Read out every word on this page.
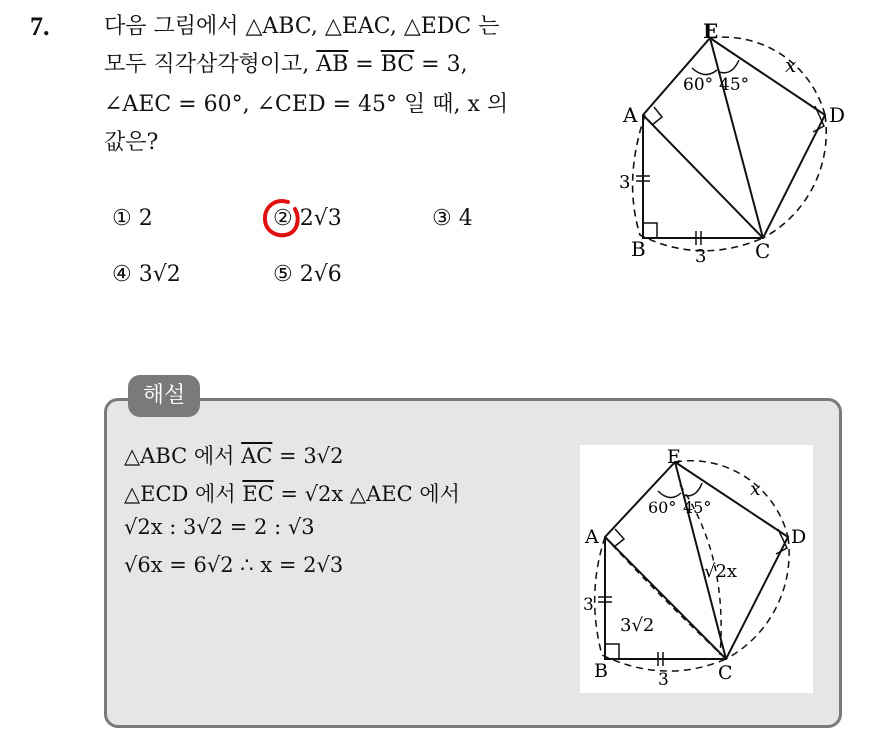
7. 다음 그림에서 △ABC, △EAC, △EDC 는
모두 직각삼각형이고, $\overline{AB} = \overline{BC} = 3$,
∠AEC = 60°, ∠CED = 45° 일 때, x 의
값은?
① 2	② 2√3	③ 4
④ 3√2	⑤ 2√6
E
A	D
B	C
x
3
3
60° 45°
해설
△ABC 에서 $\overline{AC} = 3√2$
△ECD 에서 $\overline{EC} = √2x$ △AEC 에서
√2x : 3√2 = 2 : √3
√6x = 6√2 ∴ x = 2√3
E
A	D
B	C
x
3
3
60° 45°
√2x
3√2
